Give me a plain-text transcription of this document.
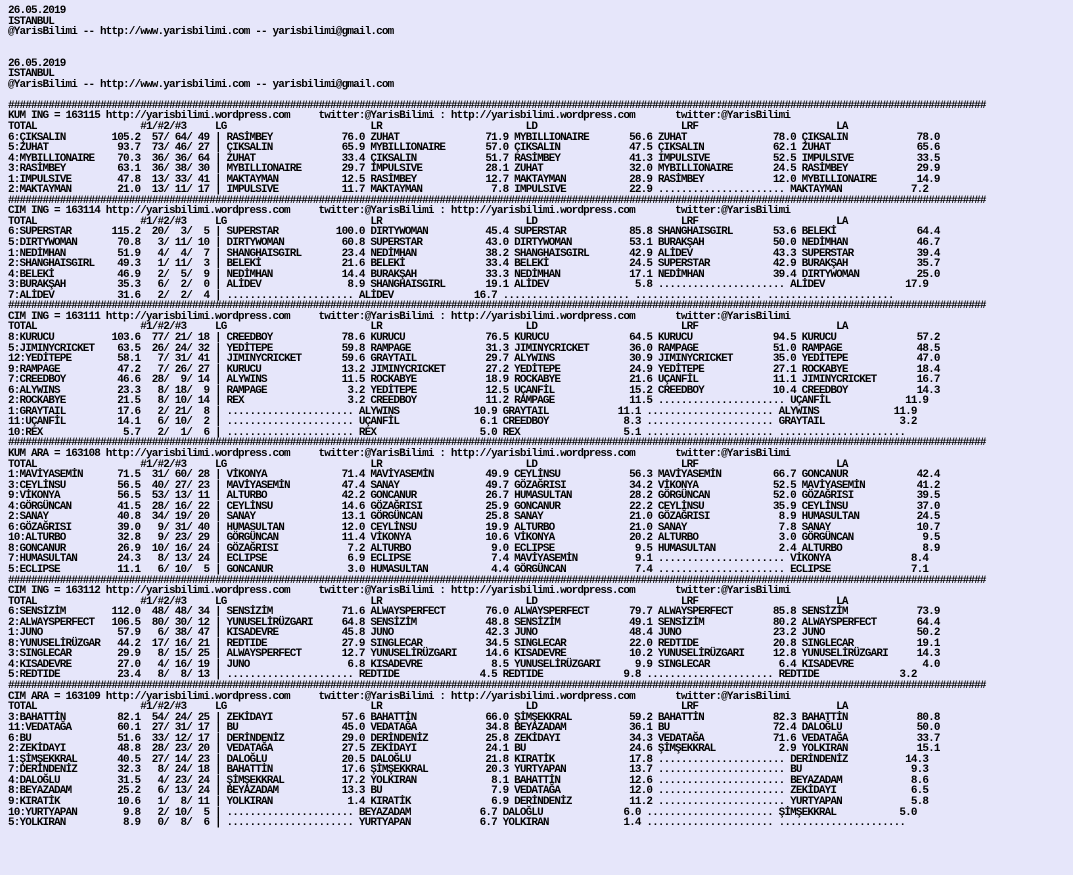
26.05.2019
ISTANBUL
@YarisBilimi -- http://www.yarisbilimi.com -- yarisbilimi@gmail.com

26.05.2019
ISTANBUL
@YarisBilimi -- http://www.yarisbilimi.com -- yarisbilimi@gmail.com

##########################################################################################################################################################################
KUM ING = 163115 http://yarisbilimi.wordpress.com     twitter:@YarisBilimi : http://yarisbilimi.wordpress.com       twitter:@YarisBilimi
TOTAL                  #1/#2/#3     LG                         LR                         LD                         LRF                        LA
6:ÇIKSALIN        105.2  57/ 64/ 49 | RASİMBEY            76.0 ZUHAT               71.9 MYBILLIONAIRE       56.6 ZUHAT               78.0 ÇIKSALIN            78.0
5:ZUHAT            93.7  73/ 46/ 27 | ÇIKSALIN            65.9 MYBILLIONAIRE       57.0 ÇIKSALIN            47.5 ÇIKSALIN            62.1 ZUHAT               65.6
4:MYBILLIONAIRE    70.3  36/ 36/ 64 | ZUHAT               33.4 ÇIKSALIN            51.7 RASİMBEY            41.3 IMPULSIVE           52.5 IMPULSIVE           33.5
3:RASİMBEY         63.1  36/ 38/ 30 | MYBILLIONAIRE       29.7 IMPULSIVE           28.1 ZUHAT               32.0 MYBILLIONAIRE       24.5 RASİMBEY            29.9
1:IMPULSIVE        47.8  13/ 33/ 41 | MAKTAYMAN           12.5 RASİMBEY            12.7 MAKTAYMAN           28.9 RASİMBEY            12.0 MYBILLIONAIRE       14.9
2:MAKTAYMAN        21.0  13/ 11/ 17 | IMPULSIVE           11.7 MAKTAYMAN            7.8 IMPULSIVE           22.9 ...................... MAKTAYMAN            7.2
##########################################################################################################################################################################
CIM ING = 163114 http://yarisbilimi.wordpress.com     twitter:@YarisBilimi : http://yarisbilimi.wordpress.com       twitter:@YarisBilimi
TOTAL                  #1/#2/#3     LG                         LR                         LD                         LRF                        LA
6:SUPERSTAR       115.2  20/  3/  5 | SUPERSTAR          100.0 DIRTYWOMAN          45.4 SUPERSTAR           85.8 SHANGHAISGIRL       53.6 BELEKİ              64.4
5:DIRTYWOMAN       70.8   3/ 11/ 10 | DIRTYWOMAN          60.8 SUPERSTAR           43.0 DIRTYWOMAN          53.1 BURAKŞAH            50.0 NEDİMHAN            46.7
1:NEDİMHAN         51.9   4/  4/  7 | SHANGHAISGIRL       23.4 NEDİMHAN            38.2 SHANGHAISGIRL       42.9 ALİDEV              43.3 SUPERSTAR           39.4
2:SHANGHAISGIRL    49.3   1/ 11/  3 | BELEKİ              21.6 BELEKİ              33.4 BELEKİ              24.5 SUPERSTAR           42.9 BURAKŞAH            35.7
4:BELEKİ           46.9   2/  5/  9 | NEDİMHAN            14.4 BURAKŞAH            33.3 NEDİMHAN            17.1 NEDİMHAN            39.4 DIRTYWOMAN          25.0
3:BURAKŞAH         35.3   6/  2/  0 | ALİDEV               8.9 SHANGHAISGIRL       19.1 ALİDEV               5.8 ...................... ALİDEV              17.9
7:ALİDEV           31.6   2/  2/  4 | ...................... ALİDEV              16.7 ...................... ...................... ......................
##########################################################################################################################################################################
CIM ING = 163111 http://yarisbilimi.wordpress.com     twitter:@YarisBilimi : http://yarisbilimi.wordpress.com       twitter:@YarisBilimi
TOTAL                  #1/#2/#3     LG                         LR                         LD                         LRF                        LA
8:KURUCU          103.6  77/ 21/ 18 | CREEDBOY            78.6 KURUCU              76.5 KURUCU              64.5 KURUCU              94.5 KURUCU              57.2
5:JIMINYCRICKET    63.5  26/ 24/ 32 | YEDİTEPE            59.8 RAMPAGE             31.3 JIMINYCRICKET       36.0 RAMPAGE             51.0 RAMPAGE             48.5
12:YEDİTEPE        58.1   7/ 31/ 41 | JIMINYCRICKET       59.6 GRAYTAIL            29.7 ALYWINS             30.9 JIMINYCRICKET       35.0 YEDİTEPE            47.0
9:RAMPAGE          47.2   7/ 26/ 27 | KURUCU              13.2 JIMINYCRICKET       27.2 YEDİTEPE            24.9 YEDİTEPE            27.1 ROCKABYE            18.4
7:CREEDBOY         46.6  28/  9/ 14 | ALYWINS             11.5 ROCKABYE            18.9 ROCKABYE            21.6 UÇANFİL             11.1 JIMINYCRICKET       16.7
6:ALYWINS          23.3   8/ 18/  9 | RAMPAGE              3.2 YEDİTEPE            12.5 UÇANFİL             15.2 CREEDBOY            10.4 CREEDBOY            14.3
2:ROCKABYE         21.5   8/ 10/ 14 | REX                  3.2 CREEDBOY            11.2 RAMPAGE             11.5 ...................... UÇANFİL             11.9
1:GRAYTAIL         17.6   2/ 21/  8 | ...................... ALYWINS             10.9 GRAYTAIL            11.1 ...................... ALYWINS             11.9
11:UÇANFİL         14.1   6/ 10/  2 | ...................... UÇANFİL              6.1 CREEDBOY             8.3 ...................... GRAYTAIL             3.2
10:REX              5.7   2/  1/  6 | ...................... REX                  5.0 REX                  5.1 ...................... ......................
##########################################################################################################################################################################
KUM ARA = 163108 http://yarisbilimi.wordpress.com     twitter:@YarisBilimi : http://yarisbilimi.wordpress.com       twitter:@YarisBilimi
TOTAL                  #1/#2/#3     LG                         LR                         LD                         LRF                        LA
1:MAVİYASEMİN      71.5  31/ 60/ 28 | VİKONYA             71.4 MAVİYASEMİN         49.9 CEYLİNSU            56.3 MAVİYASEMİN         66.7 GONCANUR            42.4
3:CEYLİNSU         56.5  40/ 27/ 23 | MAVİYASEMİN         47.4 SANAY               49.7 GÖZAĞRISI           34.2 VİKONYA             52.5 MAVİYASEMİN         41.2
9:VİKONYA          56.5  53/ 13/ 11 | ALTURBO             42.2 GONCANUR            26.7 HUMASULTAN          28.2 GÖRGÜNCAN           52.0 GÖZAĞRISI           39.5
4:GÖRGÜNCAN        41.5  28/ 16/ 22 | CEYLİNSU            14.6 GÖZAĞRISI           25.9 GONCANUR            22.2 CEYLİNSU            35.9 CEYLİNSU            37.0
2:SANAY            40.8  34/ 19/ 20 | SANAY               13.1 GÖRGÜNCAN           25.8 SANAY               21.0 GÖZAĞRISI            8.9 HUMASULTAN          24.5
6:GÖZAĞRISI        39.0   9/ 31/ 40 | HUMASULTAN          12.0 CEYLİNSU            19.9 ALTURBO             21.0 SANAY                7.8 SANAY               10.7
10:ALTURBO         32.8   9/ 23/ 29 | GÖRGÜNCAN           11.4 VİKONYA             10.6 VİKONYA             20.2 ALTURBO              3.0 GÖRGÜNCAN            9.5
8:GONCANUR         26.9  10/ 16/ 24 | GÖZAĞRISI            7.2 ALTURBO              9.0 ECLIPSE              9.5 HUMASULTAN           2.4 ALTURBO              8.9
7:HUMASULTAN       24.3   8/ 13/ 24 | ECLIPSE              6.9 ECLIPSE              7.4 MAVİYASEMİN          9.1 ...................... VİKONYA              8.4
5:ECLIPSE          11.1   6/ 10/  5 | GONCANUR             3.0 HUMASULTAN           4.4 GÖRGÜNCAN            7.4 ...................... ECLIPSE              7.1
##########################################################################################################################################################################
CIM ING = 163112 http://yarisbilimi.wordpress.com     twitter:@YarisBilimi : http://yarisbilimi.wordpress.com       twitter:@YarisBilimi
TOTAL                  #1/#2/#3     LG                         LR                         LD                         LRF                        LA
6:SENSİZİM        112.0  48/ 48/ 34 | SENSİZİM            71.6 ALWAYSPERFECT       76.0 ALWAYSPERFECT       79.7 ALWAYSPERFECT       85.8 SENSİZİM            73.9
2:ALWAYSPERFECT   106.5  80/ 30/ 12 | YUNUSELİRÜZGARI     64.8 SENSİZİM            48.8 SENSİZİM            49.1 SENSİZİM            80.2 ALWAYSPERFECT       64.4
1:JUNO             57.9   6/ 38/ 47 | KISADEVRE           45.8 JUNO                42.3 JUNO                48.4 JUNO                23.2 JUNO                50.2
8:YUNUSELİRÜZGAR   44.2  17/ 16/ 21 | REDTIDE             27.9 SINGLECAR           34.5 SINGLECAR           22.0 REDTIDE             20.8 SINGLECAR           19.1
3:SINGLECAR        29.9   8/ 15/ 25 | ALWAYSPERFECT       12.7 YUNUSELİRÜZGARI     14.6 KISADEVRE           10.2 YUNUSELİRÜZGARI     12.8 YUNUSELİRÜZGARI     14.3
4:KISADEVRE        27.0   4/ 16/ 19 | JUNO                 6.8 KISADEVRE            8.5 YUNUSELİRÜZGARI      9.9 SINGLECAR            6.4 KISADEVRE            4.0
5:REDTIDE          23.4   8/  8/ 13 | ...................... REDTIDE              4.5 REDTIDE              9.8 ...................... REDTIDE              3.2
##########################################################################################################################################################################
CIM ARA = 163109 http://yarisbilimi.wordpress.com     twitter:@YarisBilimi : http://yarisbilimi.wordpress.com       twitter:@YarisBilimi
TOTAL                  #1/#2/#3     LG                         LR                         LD                         LRF                        LA
3:BAHATTİN         82.1  54/ 24/ 25 | ZEKİDAYI            57.6 BAHATTİN            66.0 ŞİMŞEKKRAL          59.2 BAHATTİN            82.3 BAHATTİN            80.8
11:VEDATAĞA        60.1  27/ 31/ 17 | BU                  45.0 VEDATAĞA            34.8 BEYAZADAM           36.1 BU                  72.4 DALOĞLU             50.0
6:BU               51.6  33/ 12/ 17 | DERİNDENİZ          29.0 DERİNDENİZ          25.8 ZEKİDAYI            34.3 VEDATAĞA            71.6 VEDATAĞA            33.7
2:ZEKİDAYI         48.8  28/ 23/ 20 | VEDATAĞA            27.5 ZEKİDAYI            24.1 BU                  24.6 ŞİMŞEKKRAL           2.9 YOLKIRAN            15.1
1:ŞİMŞEKKRAL       40.5  27/ 14/ 23 | DALOĞLU             20.5 DALOĞLU             21.8 KIRATİK             17.8 ...................... DERİNDENİZ          14.3
7:DERİNDENİZ       32.3   8/ 24/ 18 | BAHATTİN            17.6 ŞİMŞEKKRAL          20.3 YURTYAPAN           13.7 ...................... BU                   9.3
4:DALOĞLU          31.5   4/ 23/ 24 | ŞİMŞEKKRAL          17.2 YOLKIRAN             8.1 BAHATTİN            12.6 ...................... BEYAZADAM            8.6
8:BEYAZADAM        25.2   6/ 13/ 24 | BEYAZADAM           13.3 BU                   7.9 VEDATAĞA            12.0 ...................... ZEKİDAYI             6.5
9:KIRATİK          10.6   1/  8/ 11 | YOLKIRAN             1.4 KIRATİK              6.9 DERİNDENİZ          11.2 ...................... YURTYAPAN            5.8
10:YURTYAPAN        9.8   2/ 10/  5 | ...................... BEYAZADAM            6.7 DALOĞLU              6.0 ...................... ŞİMŞEKKRAL           5.0
5:YOLKIRAN          8.9   0/  8/  6 | ...................... YURTYAPAN            6.7 YOLKIRAN             1.4 ...................... ......................
